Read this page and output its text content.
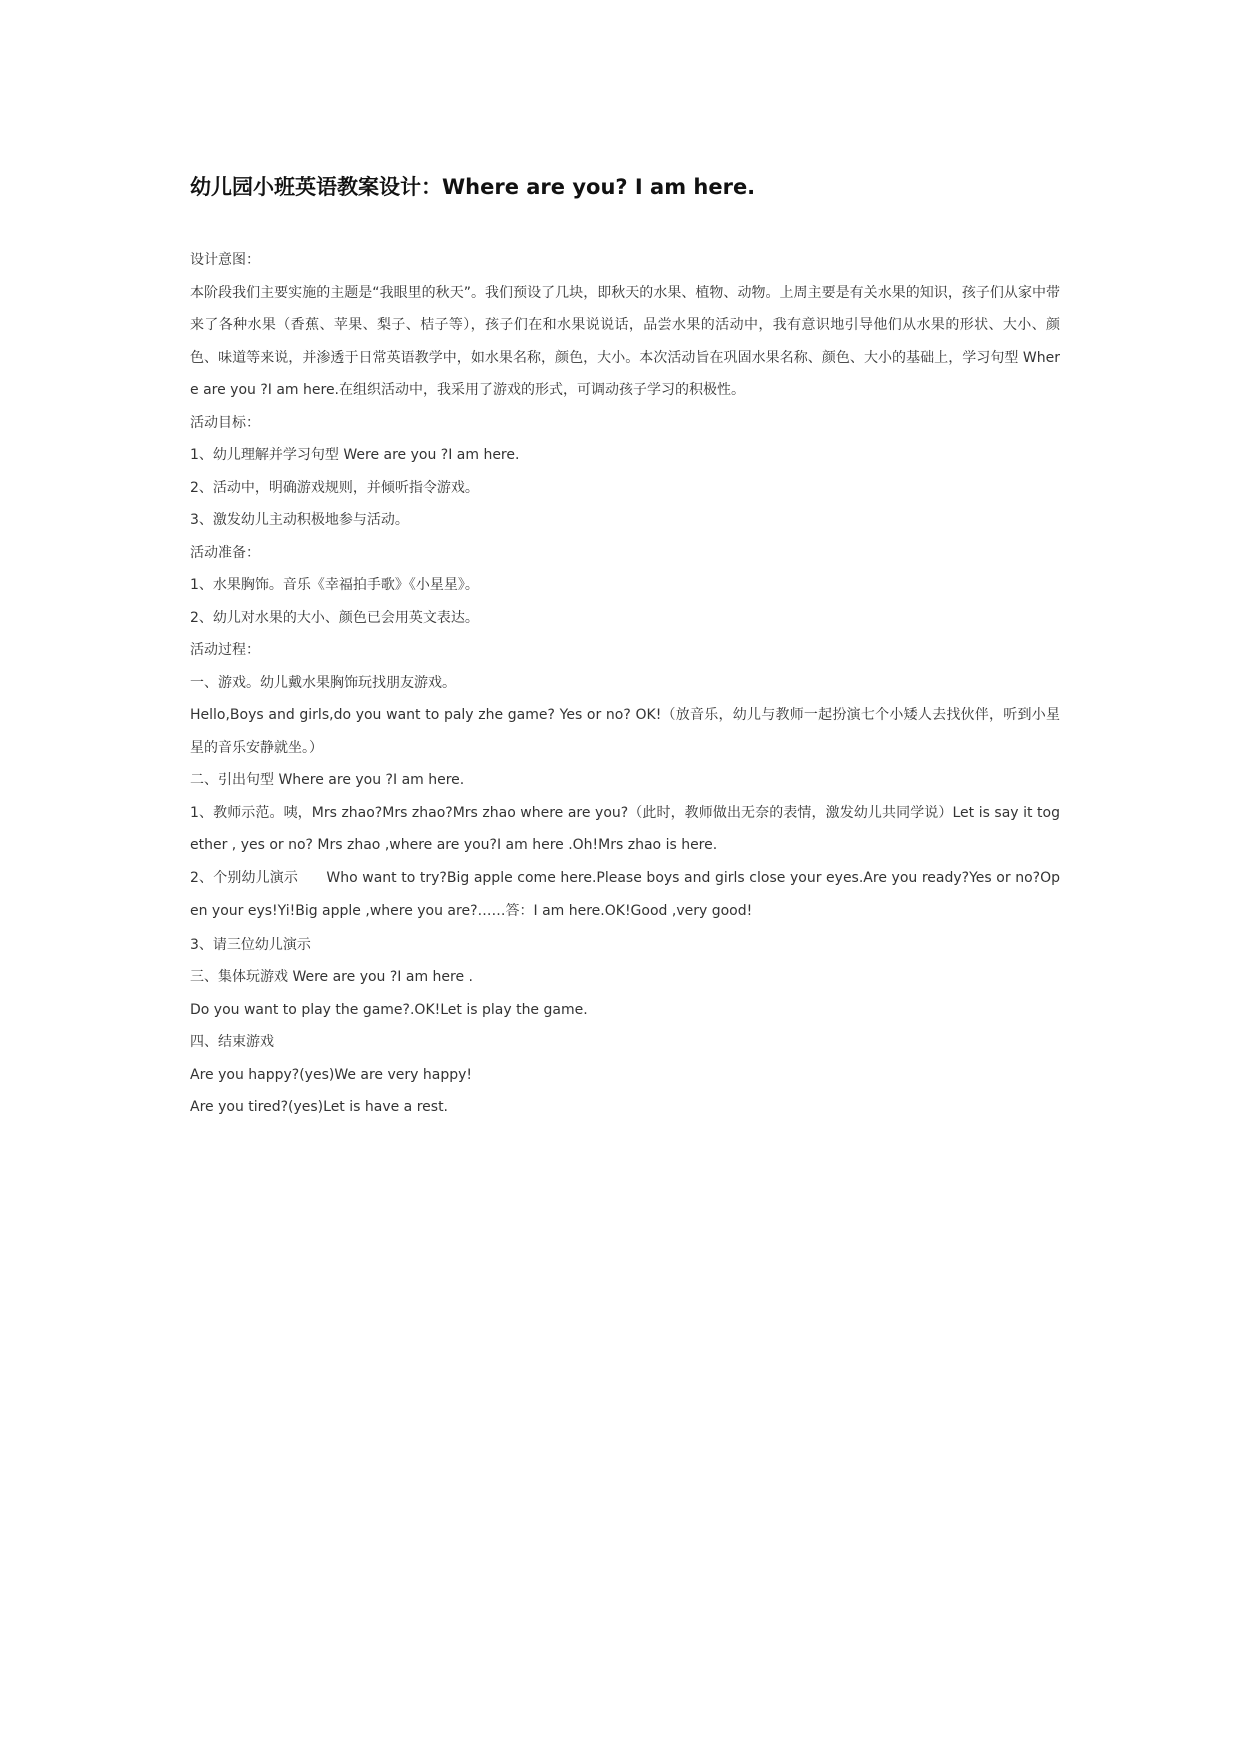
幼儿园小班英语教案设计：Where are you? I am here.

设计意图：

本阶段我们主要实施的主题是“我眼里的秋天”。我们预设了几块，即秋天的水果、植物、动物。上周主要是有关水果的知识，孩子们从家中带来了各种水果（香蕉、苹果、梨子、桔子等），孩子们在和水果说说话，品尝水果的活动中，我有意识地引导他们从水果的形状、大小、颜色、味道等来说，并渗透于日常英语教学中，如水果名称，颜色，大小。本次活动旨在巩固水果名称、颜色、大小的基础上，学习句型 Where are you ?I am here.在组织活动中，我采用了游戏的形式，可调动孩子学习的积极性。

活动目标：

1、幼儿理解并学习句型 Were are you ?I am here.

2、活动中，明确游戏规则，并倾听指令游戏。

3、激发幼儿主动积极地参与活动。

活动准备：

1、水果胸饰。音乐《幸福拍手歌》《小星星》。

2、幼儿对水果的大小、颜色已会用英文表达。

活动过程：

一、游戏。幼儿戴水果胸饰玩找朋友游戏。

Hello,Boys and girls,do you want to paly zhe game? Yes or no? OK!（放音乐，幼儿与教师一起扮演七个小矮人去找伙伴，听到小星星的音乐安静就坐。）

二、引出句型 Where are you ?I am here.

1、教师示范。咦，Mrs zhao?Mrs zhao?Mrs zhao where are you?（此时，教师做出无奈的表情，激发幼儿共同学说）Let is say it together , yes or no? Mrs zhao ,where are you?I am here .Oh!Mrs zhao is here.

2、个别幼儿演示　　Who want to try?Big apple come here.Please boys and girls close your eyes.Are you ready?Yes or no?Open your eys!Yi!Big apple ,where you are?……答：I am here.OK!Good ,very good!

3、请三位幼儿演示

三、集体玩游戏 Were are you ?I am here .

Do you want to play the game?.OK!Let is play the game.

四、结束游戏

Are you happy?(yes)We are very happy!

Are you tired?(yes)Let is have a rest.
